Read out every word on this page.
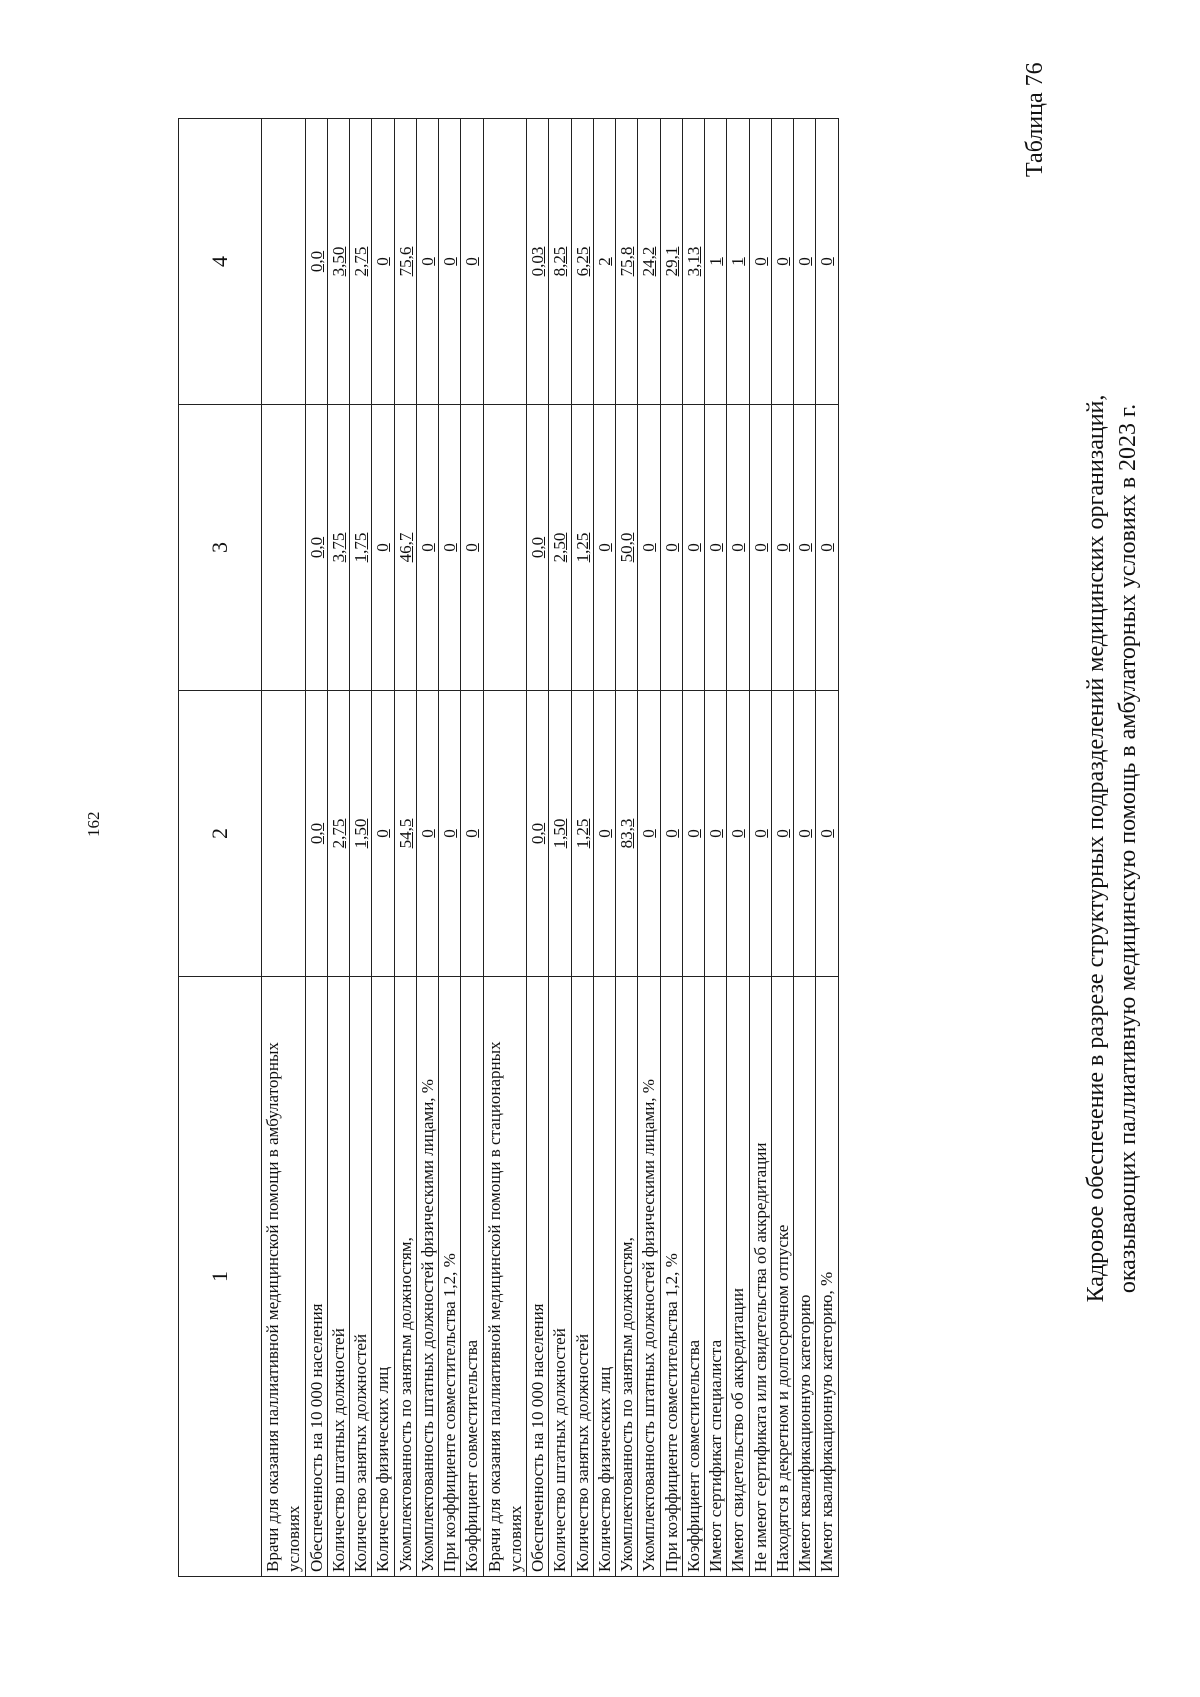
162
1	2	3	4
Врачи для оказания паллиативной медицинской помощи в амбулаторных условиях			
Обеспеченность на 10 000 населения	0,0	0,0	0,0
Количество штатных должностей	2,75	3,75	3,50
Количество занятых должностей	1,50	1,75	2,75
Количество физических лиц	0	0	0
Укомплектованность по занятым должностям,	54,5	46,7	75,6
Укомплектованность штатных должностей физическими лицами, %	0	0	0
При коэффициенте совместительства 1,2, %	0	0	0
Коэффициент совместительства	0	0	0
Врачи для оказания паллиативной медицинской помощи в стационарных условиях			
Обеспеченность на 10 000 населения	0,0	0,0	0,03
Количество штатных должностей	1,50	2,50	8,25
Количество занятых должностей	1,25	1,25	6,25
Количество физических лиц	0	0	2
Укомплектованность по занятым должностям,	83,3	50,0	75,8
Укомплектованность штатных должностей физическими лицами, %	0	0	24,2
При коэффициенте совместительства 1,2, %	0	0	29,1
Коэффициент совместительства	0	0	3,13
Имеют сертификат специалиста	0	0	1
Имеют свидетельство об аккредитации	0	0	1
Не имеют сертификата или свидетельства об аккредитации	0	0	0
Находятся в декретном и долгосрочном отпуске	0	0	0
Имеют квалификационную категорию	0	0	0
Имеют квалификационную категорию, %	0	0	0
Таблица 76
Кадровое обеспечение в разрезе структурных подразделений медицинских организаций, оказывающих паллиативную медицинскую помощь в амбулаторных условиях в 2023 г.
